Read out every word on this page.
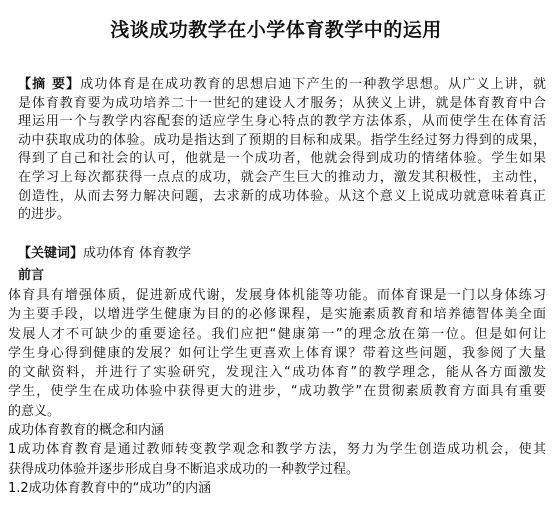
浅谈成功教学在小学体育教学中的运用
【摘 要】成功体育是在成功教育的思想启迪下产生的一种教学思想。从广义上讲，就
是体育教育要为成功培养二十一世纪的建设人才服务；从狭义上讲，就是体育教育中合
理运用一个与教学内容配套的适应学生身心特点的教学方法体系，从而使学生在体育活
动中获取成功的体验。成功是指达到了预期的目标和成果。指学生经过努力得到的成果，
得到了自己和社会的认可，他就是一个成功者，他就会得到成功的情绪体验。学生如果
在学习上每次都获得一点点的成功，就会产生巨大的推动力，激发其积极性，主动性，
创造性，从而去努力解决问题，去求新的成功体验。从这个意义上说成功就意味着真正
的进步。
【关键词】成功体育 体育教学
前言
体育具有增强体质，促进新成代谢，发展身体机能等功能。而体育课是一门以身体练习
为主要手段，以增进学生健康为目的的必修课程，是实施素质教育和培养德智体美全面
发展人才不可缺少的重要途径。我们应把“健康第一”的理念放在第一位。但是如何让
学生身心得到健康的发展？如何让学生更喜欢上体育课？带着这些问题，我参阅了大量
的文献资料，并进行了实验研究，发现注入“成功体育”的教学理念，能从各方面激发
学生，使学生在成功体验中获得更大的进步，“成功教学”在贯彻素质教育方面具有重要
的意义。
成功体育教育的概念和内涵
1成功体育教育是通过教师转变教学观念和教学方法，努力为学生创造成功机会，使其
获得成功体验并逐步形成自身不断追求成功的一种教学过程。
1.2成功体育教育中的“成功”的内涵
